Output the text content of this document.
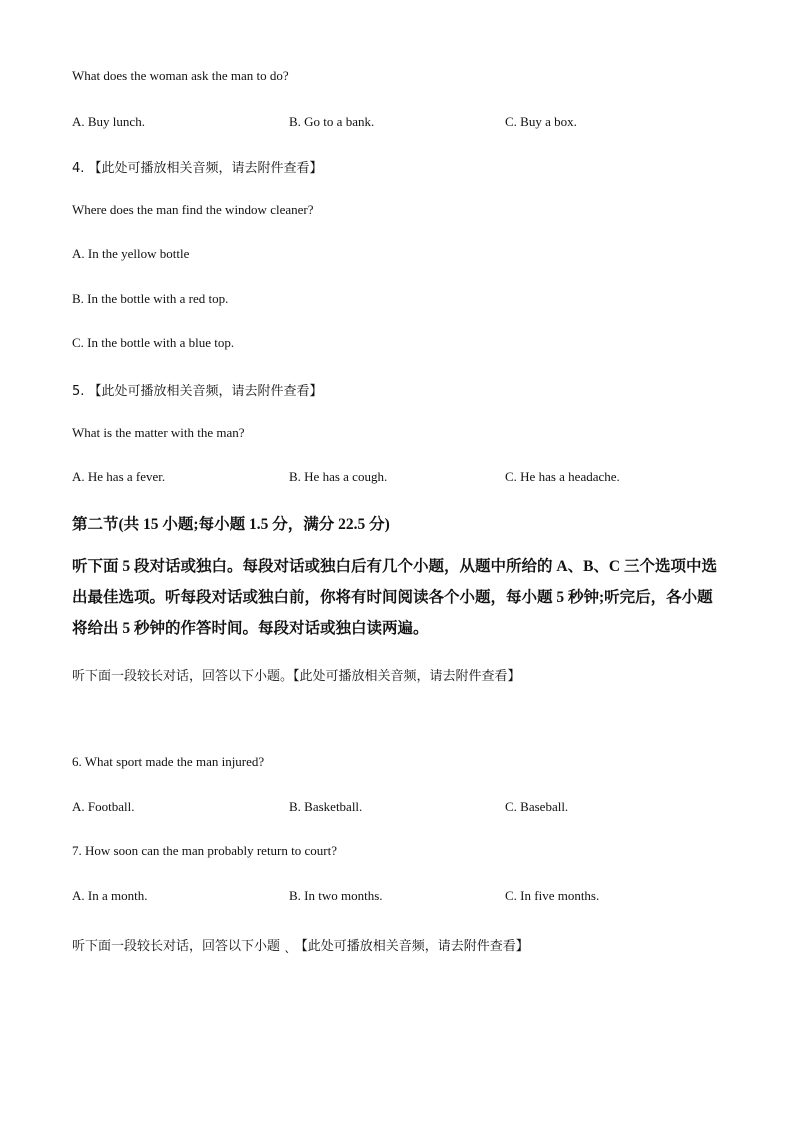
What does the woman ask the man to do?
A. Buy lunch.	B. Go to a bank.	C. Buy a box.
4. 【此处可播放相关音频，请去附件查看】
Where does the man find the window cleaner?
A. In the yellow bottle
B. In the bottle with a red top.
C. In the bottle with a blue top.
5. 【此处可播放相关音频，请去附件查看】
What is the matter with the man?
A. He has a fever.	B. He has a cough.	C. He has a headache.
第二节(共 15 小题;每小题 1.5 分，满分 22.5 分)
听下面 5 段对话或独白。每段对话或独白后有几个小题，从题中所给的 A、B、C 三个选项中选出最佳选项。听每段对话或独白前，你将有时间阅读各个小题，每小题 5 秒钟;听完后，各小题将给出 5 秒钟的作答时间。每段对话或独白读两遍。
听下面一段较长对话，回答以下小题。【此处可播放相关音频，请去附件查看】
6. What sport made the man injured?
A. Football.	B. Basketball.	C. Baseball.
7. How soon can the man probably return to court?
A. In a month.	B. In two months.	C. In five months.
听下面一段较长对话，回答以下小题 ˎ 【此处可播放相关音频，请去附件查看】
